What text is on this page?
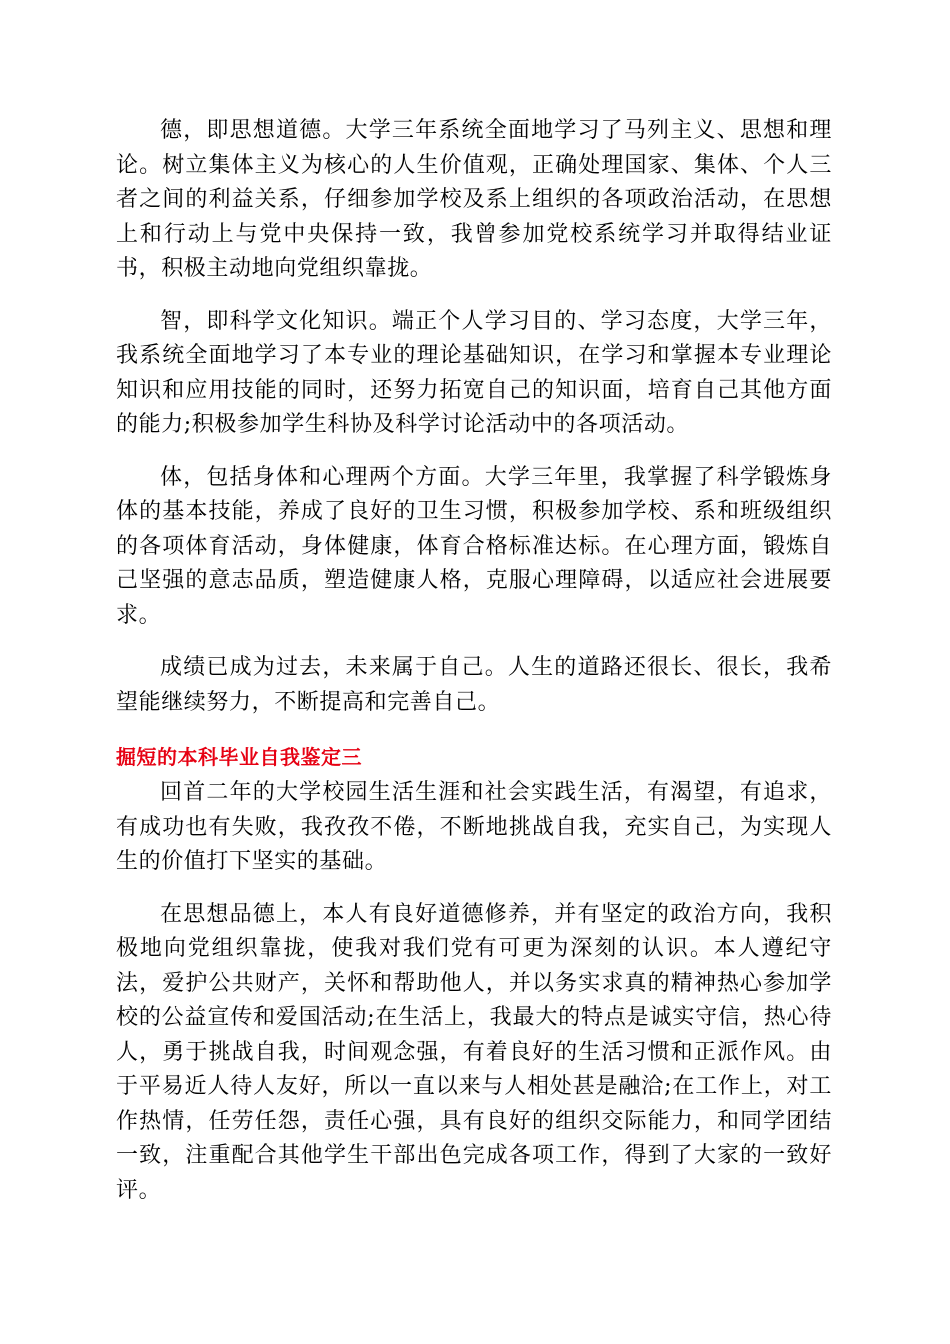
德，即思想道德。大学三年系统全面地学习了马列主义、思想和理论。树立集体主义为核心的人生价值观，正确处理国家、集体、个人三者之间的利益关系，仔细参加学校及系上组织的各项政治活动，在思想上和行动上与党中央保持一致，我曾参加党校系统学习并取得结业证书，积极主动地向党组织靠拢。

智，即科学文化知识。端正个人学习目的、学习态度，大学三年，我系统全面地学习了本专业的理论基础知识，在学习和掌握本专业理论知识和应用技能的同时，还努力拓宽自己的知识面，培育自己其他方面的能力;积极参加学生科协及科学讨论活动中的各项活动。

体，包括身体和心理两个方面。大学三年里，我掌握了科学锻炼身体的基本技能，养成了良好的卫生习惯，积极参加学校、系和班级组织的各项体育活动，身体健康，体育合格标准达标。在心理方面，锻炼自己坚强的意志品质，塑造健康人格，克服心理障碍，以适应社会进展要求。

成绩已成为过去，未来属于自己。人生的道路还很长、很长，我希望能继续努力，不断提高和完善自己。

掘短的本科毕业自我鉴定三

回首二年的大学校园生活生涯和社会实践生活，有渴望，有追求，有成功也有失败，我孜孜不倦，不断地挑战自我，充实自己，为实现人生的价值打下坚实的基础。

在思想品德上，本人有良好道德修养，并有坚定的政治方向，我积极地向党组织靠拢，使我对我们党有可更为深刻的认识。本人遵纪守法，爱护公共财产，关怀和帮助他人，并以务实求真的精神热心参加学校的公益宣传和爱国活动;在生活上，我最大的特点是诚实守信，热心待人，勇于挑战自我，时间观念强，有着良好的生活习惯和正派作风。由于平易近人待人友好，所以一直以来与人相处甚是融洽;在工作上，对工作热情，任劳任怨，责任心强，具有良好的组织交际能力，和同学团结一致，注重配合其他学生干部出色完成各项工作，得到了大家的一致好评。
